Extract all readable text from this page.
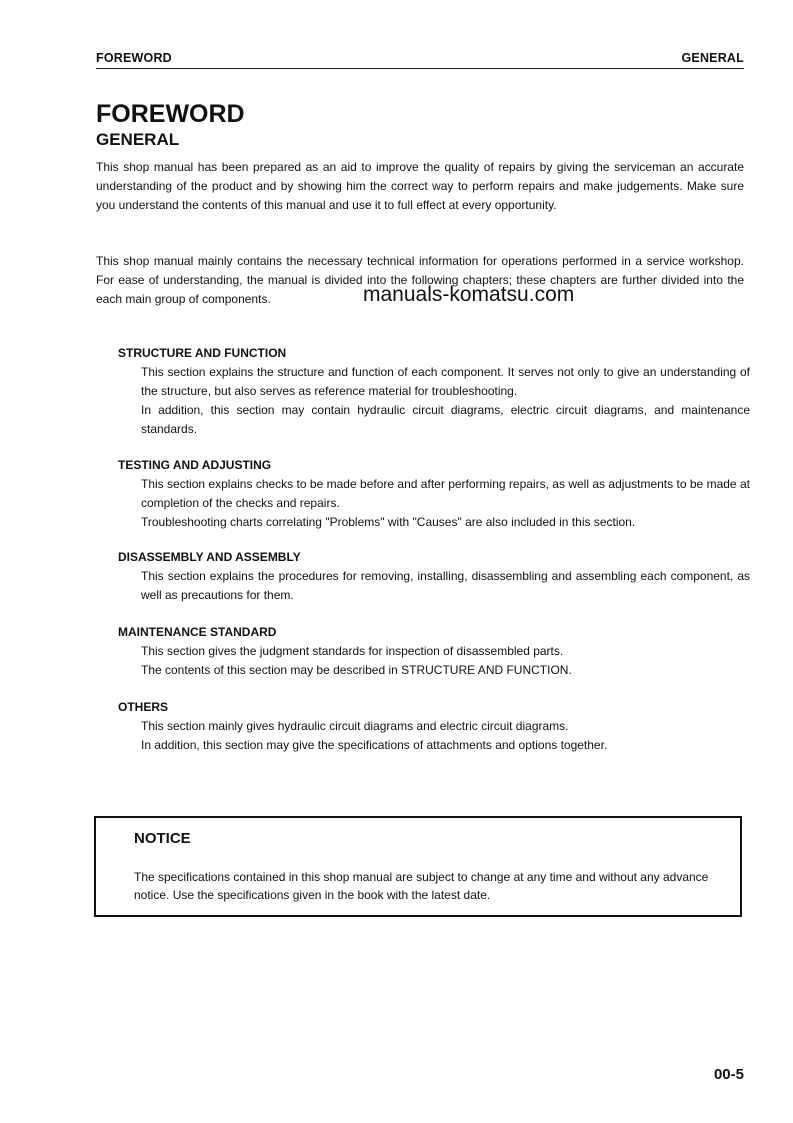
FOREWORD	GENERAL
FOREWORD
GENERAL

This shop manual has been prepared as an aid to improve the quality of repairs by giving the serviceman an accurate understanding of the product and by showing him the correct way to perform repairs and make judgements. Make sure you understand the contents of this manual and use it to full effect at every opportunity.

This shop manual mainly contains the necessary technical information for operations performed in a service workshop. For ease of understanding, the manual is divided into the following chapters; these chapters are further divided into the each main group of components.	manuals-komatsu.com
STRUCTURE AND FUNCTION

This section explains the structure and function of each component. It serves not only to give an understanding of the structure, but also serves as reference material for troubleshooting.

In addition, this section may contain hydraulic circuit diagrams, electric circuit diagrams, and maintenance standards.

TESTING AND ADJUSTING

This section explains checks to be made before and after performing repairs, as well as adjustments to be made at completion of the checks and repairs.

Troubleshooting charts correlating "Problems" with "Causes" are also included in this section.

DISASSEMBLY AND ASSEMBLY

This section explains the procedures for removing, installing, disassembling and assembling each component, as well as precautions for them.

MAINTENANCE STANDARD

This section gives the judgment standards for inspection of disassembled parts.

The contents of this section may be described in STRUCTURE AND FUNCTION.

OTHERS

This section mainly gives hydraulic circuit diagrams and electric circuit diagrams.

In addition, this section may give the specifications of attachments and options together.

NOTICE

The specifications contained in this shop manual are subject to change at any time and without any advance notice. Use the specifications given in the book with the latest date.

00-5
